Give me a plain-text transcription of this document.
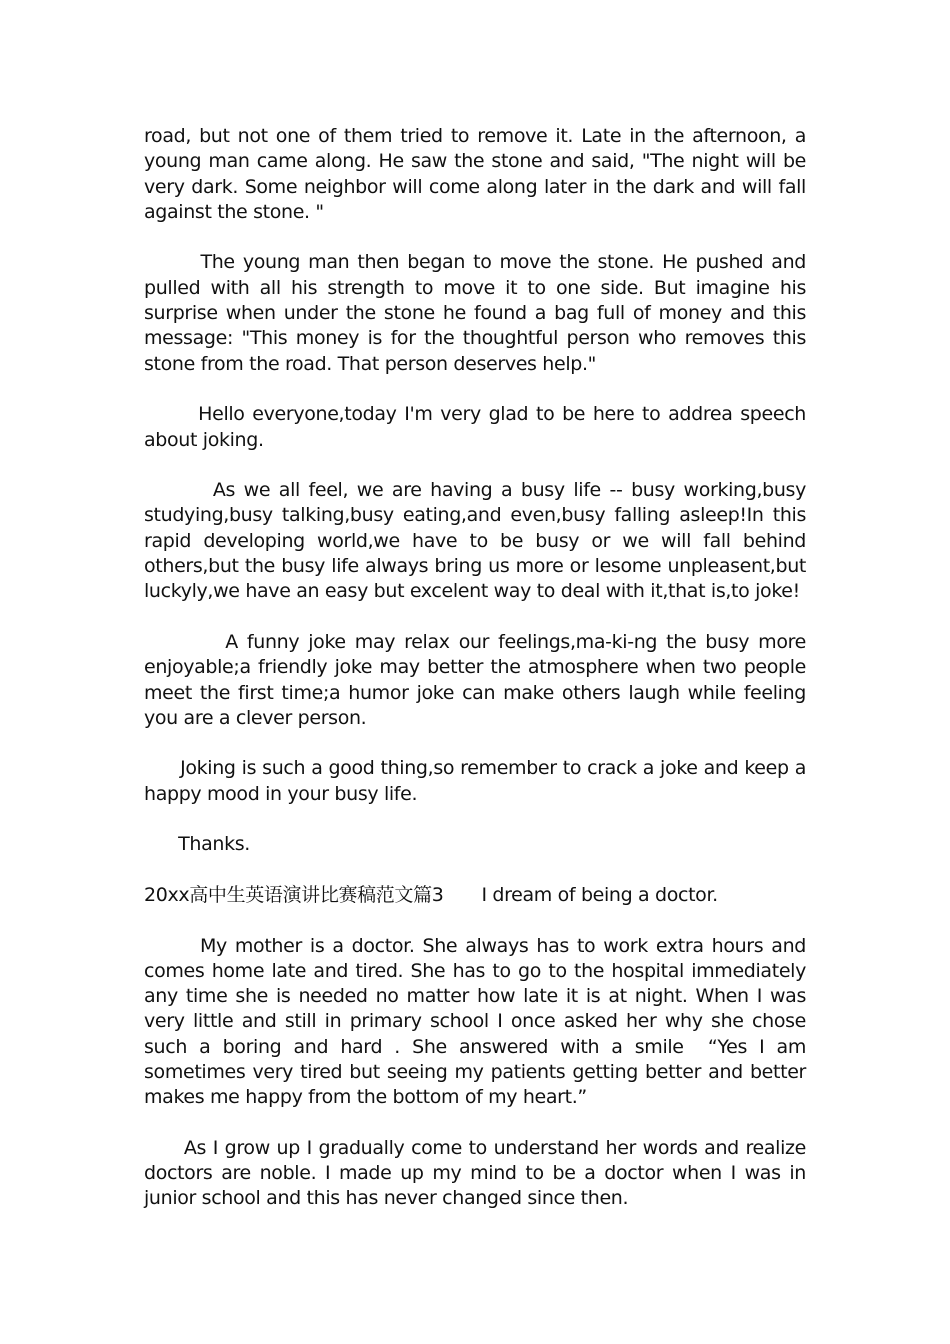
road, but not one of them tried to remove it. Late in the afternoon, a young man came along. He saw the stone and said, "The night will be very dark. Some neighbor will come along later in the dark and will fall against the stone. "

The young man then began to move the stone. He pushed and pulled with all his strength to move it to one side. But imagine his surprise when under the stone he found a bag full of money and this message: "This money is for the thoughtful person who removes this stone from the road. That person deserves help."

Hello everyone,today I'm very glad to be here to addrea speech about joking.

As we all feel, we are having a busy life -- busy working,busy studying,busy talking,busy eating,and even,busy falling asleep!In this rapid developing world,we have to be busy or we will fall behind others,but the busy life always bring us more or lesome unpleasent,but luckyly,we have an easy but excelent way to deal with it,that is,to joke!

A funny joke may relax our feelings,ma-ki-ng the busy more enjoyable;a friendly joke may better the atmosphere when two people meet the first time;a humor joke can make others laugh while feeling you are a clever person.

Joking is such a good thing,so remember to crack a joke and keep a happy mood in your busy life.

Thanks.

20xx高中生英语演讲比赛稿范文篇3 I dream of being a doctor.

My mother is a doctor. She always has to work extra hours and comes home late and tired. She has to go to the hospital immediately any time she is needed no matter how late it is at night. When I was very little and still in primary school I once asked her why she chose such a boring and hard . She answered with a smile  “Yes I am sometimes very tired but seeing my patients getting better and better makes me happy from the bottom of my heart.”

As I grow up I gradually come to understand her words and realize doctors are noble. I made up my mind to be a doctor when I was in junior school and this has never changed since then.
